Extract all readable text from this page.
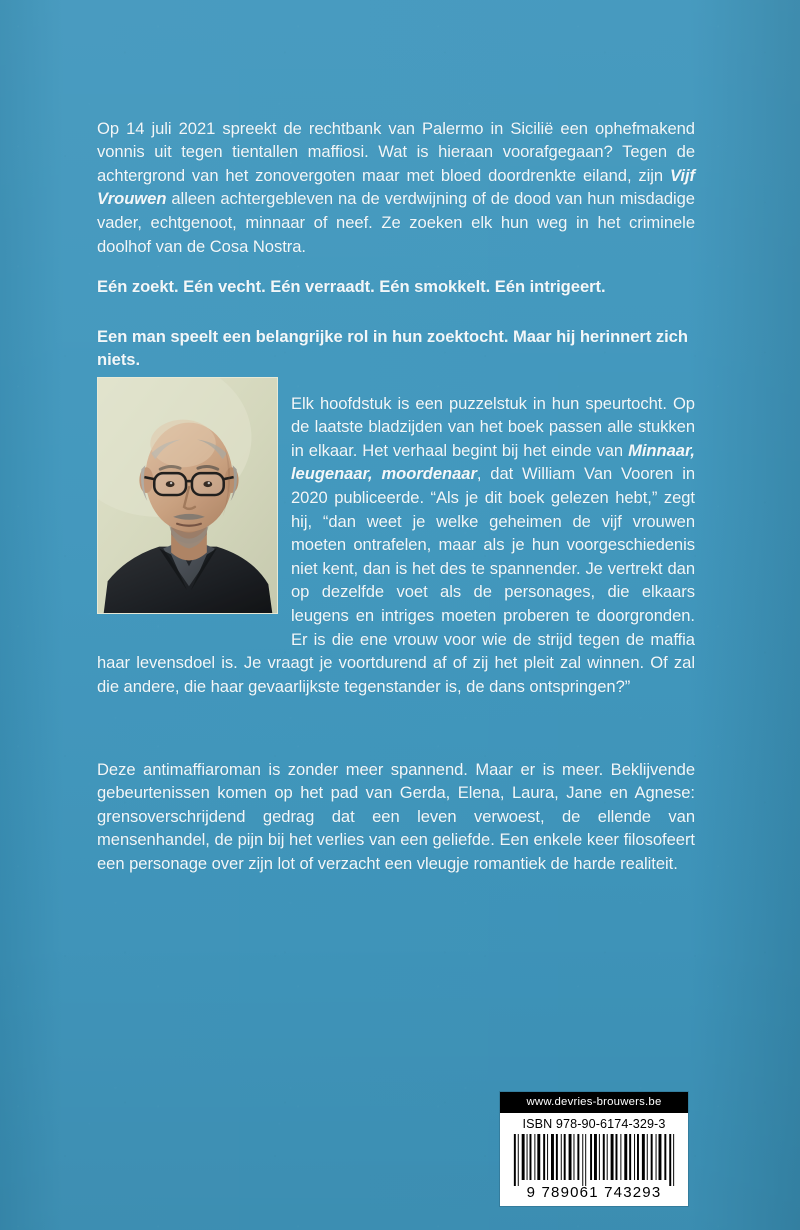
Op 14 juli 2021 spreekt de rechtbank van Palermo in Sicilië een ophefmakend vonnis uit tegen tientallen maffiosi. Wat is hieraan voorafgegaan? Tegen de achtergrond van het zonovergoten maar met bloed doordrenkte eiland, zijn Vijf Vrouwen alleen achtergebleven na de verdwijning of de dood van hun misdadige vader, echtgenoot, minnaar of neef. Ze zoeken elk hun weg in het criminele doolhof van de Cosa Nostra.

Eén zoekt. Eén vecht. Eén verraadt. Eén smokkelt. Eén intrigeert.

Een man speelt een belangrijke rol in hun zoektocht. Maar hij herinnert zich niets.

Elk hoofdstuk is een puzzelstuk in hun speurtocht. Op de laatste bladzijden van het boek passen alle stukken in elkaar. Het verhaal begint bij het einde van Minnaar, leugenaar, moordenaar, dat William Van Vooren in 2020 publiceerde. “Als je dit boek gelezen hebt,” zegt hij, “dan weet je welke geheimen de vijf vrouwen moeten ontrafelen, maar als je hun voorgeschiedenis niet kent, dan is het des te spannender. Je vertrekt dan op dezelfde voet als de personages, die elkaars leugens en intriges moeten proberen te doorgronden. Er is die ene vrouw voor wie de strijd tegen de maffia haar levensdoel is. Je vraagt je voortdurend af of zij het pleit zal winnen. Of zal die andere, die haar gevaarlijkste tegenstander is, de dans ontspringen?”

Deze antimaffiaroman is zonder meer spannend. Maar er is meer. Beklijvende gebeurtenissen komen op het pad van Gerda, Elena, Laura, Jane en Agnese: grensoverschrijdend gedrag dat een leven verwoest, de ellende van mensenhandel, de pijn bij het verlies van een geliefde. Een enkele keer filosofeert een personage over zijn lot of verzacht een vleugje romantiek de harde realiteit.

www.devries-brouwers.be
ISBN 978-90-6174-329-3
9 789061 743293
